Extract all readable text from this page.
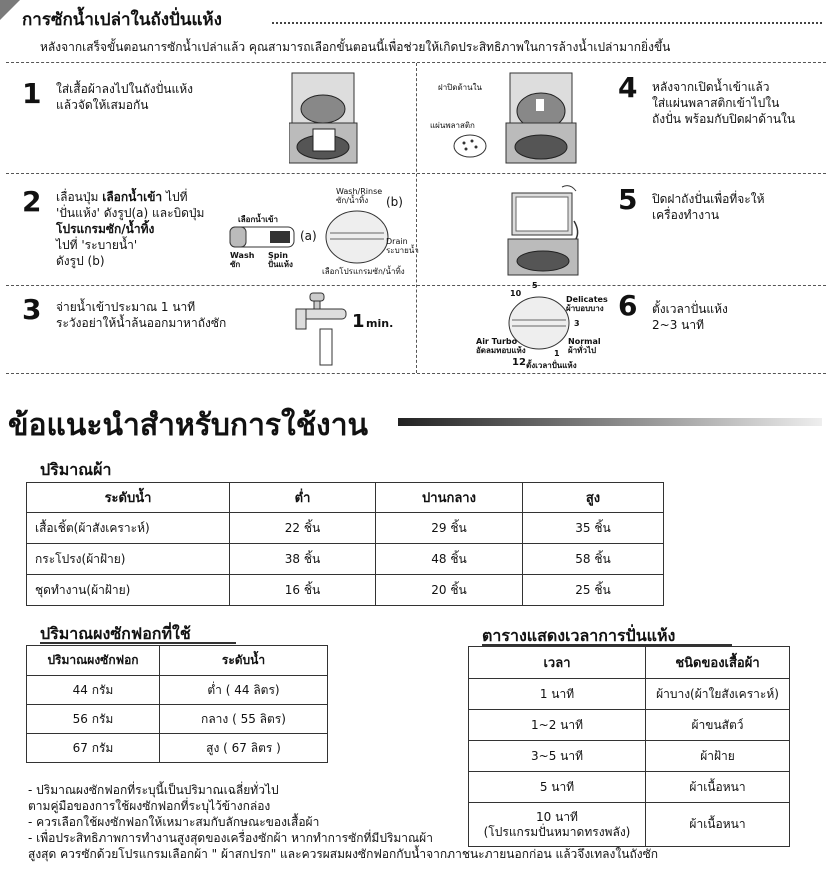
การซักน้ำเปล่าในถังปั่นแห้ง
หลังจากเสร็จขั้นตอนการซักน้ำเปล่าแล้ว คุณสามารถเลือกขั้นตอนนี้เพื่อช่วยให้เกิดประสิทธิภาพในการล้างน้ำเปล่ามากยิ่งขึ้น
1 ใส่เสื้อผ้าลงไปในถังปั่นแห้ง
แล้วจัดให้เสมอกัน
2 เลื่อนปุ่ม เลือกน้ำเข้า ไปที่
'ปั่นแห้ง' ดังรูป(a) และบิดปุ่ม
โปรแกรมซัก/น้ำทิ้ง
ไปที่ 'ระบายน้ำ'
ดังรูป (b)
เลือกน้ำเข้า
Wash
ซัก
Spin
ปั่นแห้ง
(a)
Wash/Rinse
ซัก/น้ำทิ้ง	(b)
Drain
ระบายน้ำ
เลือกโปรแกรมซัก/น้ำทิ้ง
3 จ่ายน้ำเข้าประมาณ 1 นาที
ระวังอย่าให้น้ำล้นออกมาหาถังซัก	1 min.
ฝาปิดด้านใน
แผ่นพลาสติก
4 หลังจากเปิดน้ำเข้าแล้ว
ใส่แผ่นพลาสติกเข้าไปใน
ถังปั่น พร้อมกับปิดฝาด้านใน
5 ปิดฝาถังปั่นเพื่อที่จะให้
เครื่องทำงาน
10
5
3
1
Delicates
ผ้าบอบบาง
Normal
ผ้าทั่วไป
Air Turbo
อัดลมทอบแห้ง
12 ตั้งเวลาปั่นแห้ง
6 ตั้งเวลาปั่นแห้ง
2~3 นาที
ข้อแนะนำสำหรับการใช้งาน
ปริมาณผ้า
ระดับน้ำ	ต่ำ	ปานกลาง	สูง
เสื้อเชิ้ต(ผ้าสังเคราะห์)	22 ชิ้น	29 ชิ้น	35 ชิ้น
กระโปรง(ผ้าฝ้าย)	38 ชิ้น	48 ชิ้น	58 ชิ้น
ชุดทำงาน(ผ้าฝ้าย)	16 ชิ้น	20 ชิ้น	25 ชิ้น
ปริมาณผงซักฟอกที่ใช้
ปริมาณผงซักฟอก	ระดับน้ำ
44 กรัม	ต่ำ ( 44 ลิตร)
56 กรัม	กลาง ( 55 ลิตร)
67 กรัม	สูง ( 67 ลิตร )
ตารางแสดงเวลาการปั่นแห้ง
เวลา	ชนิดของเสื้อผ้า
1 นาที	ผ้าบาง(ผ้าใยสังเคราะห์)
1~2 นาที	ผ้าขนสัตว์
3~5 นาที	ผ้าฝ้าย
5 นาที	ผ้าเนื้อหนา
10 นาที
(โปรแกรมปั่นหมาดทรงพลัง)	ผ้าเนื้อหนา
- ปริมาณผงซักฟอกที่ระบุนี้เป็นปริมาณเฉลี่ยทั่วไป
ตามคู่มือของการใช้ผงซักฟอกที่ระบุไว้ข้างกล่อง
- ควรเลือกใช้ผงซักฟอกให้เหมาะสมกับลักษณะของเสื้อผ้า
- เพื่อประสิทธิภาพการทำงานสูงสุดของเครื่องซักผ้า หากทำการซักที่มีปริมาณผ้า
สูงสุด ควรซักด้วยโปรแกรมเลือกผ้า " ผ้าสกปรก" และควรผสมผงซักฟอกกับน้ำจากภาชนะภายนอกก่อน แล้วจึงเทลงในถังซัก
